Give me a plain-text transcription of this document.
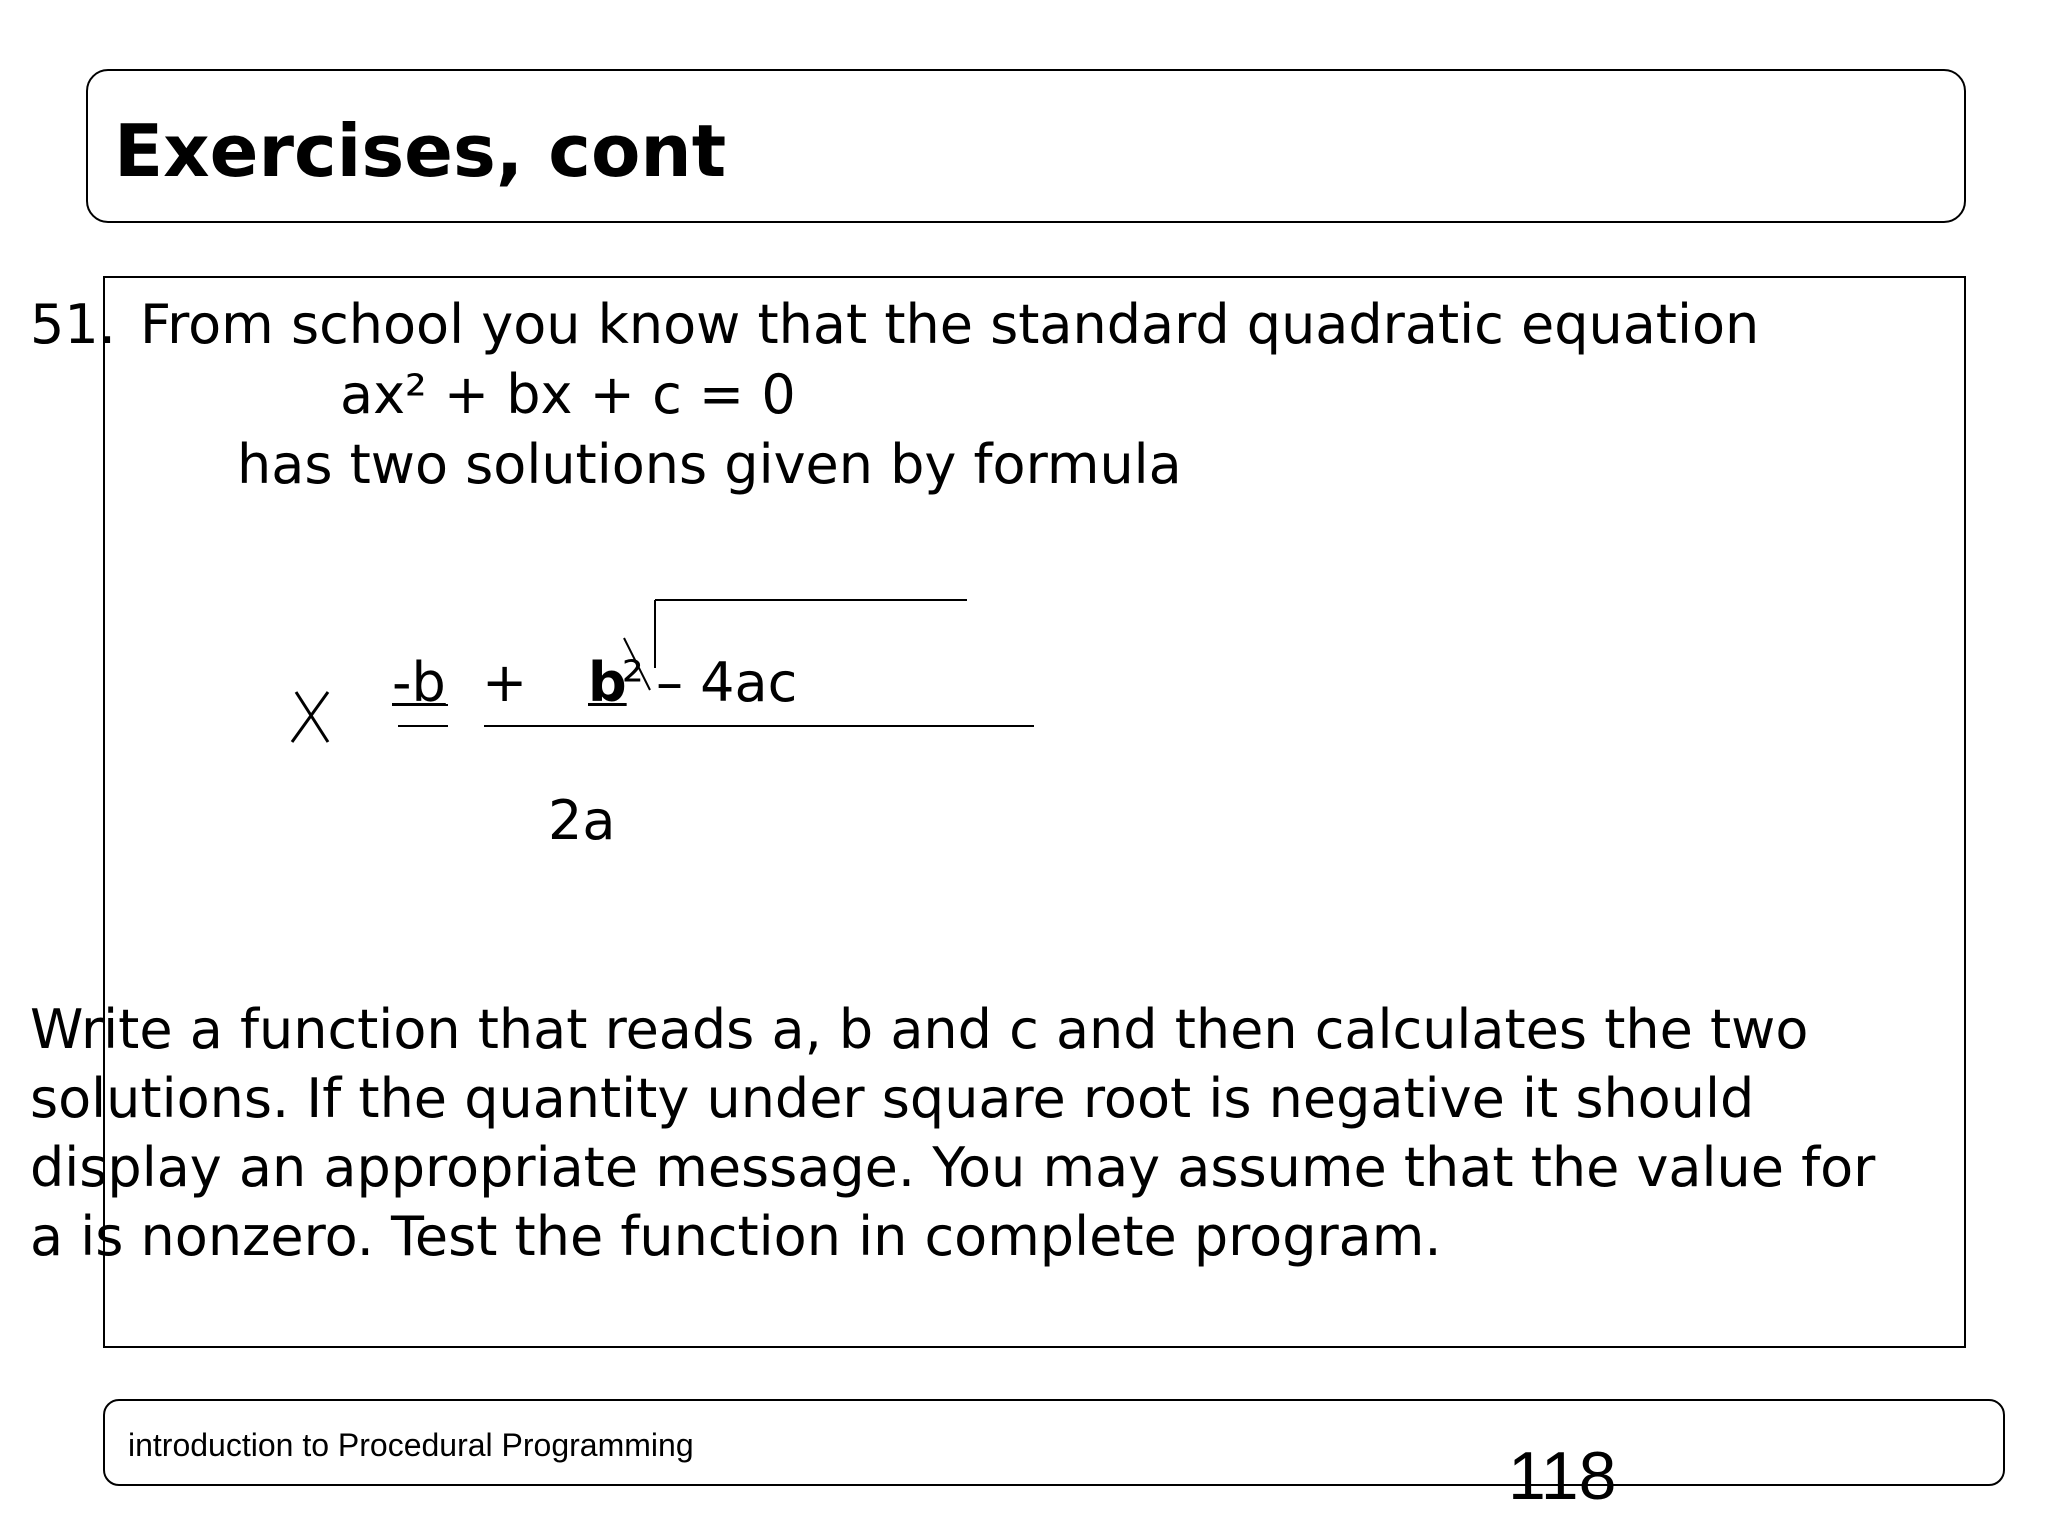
Exercises, cont
51. From school you know that the standard quadratic equation
ax² + bx + c = 0
has two solutions given by formula
-b + b
² – 4ac
2a
Write a function that reads a, b and c and then calculates the two
solutions. If the quantity under square root is negative it should
display an appropriate message. You may assume that the value for
a is nonzero. Test the function in complete program.
introduction to Procedural Programming	118
